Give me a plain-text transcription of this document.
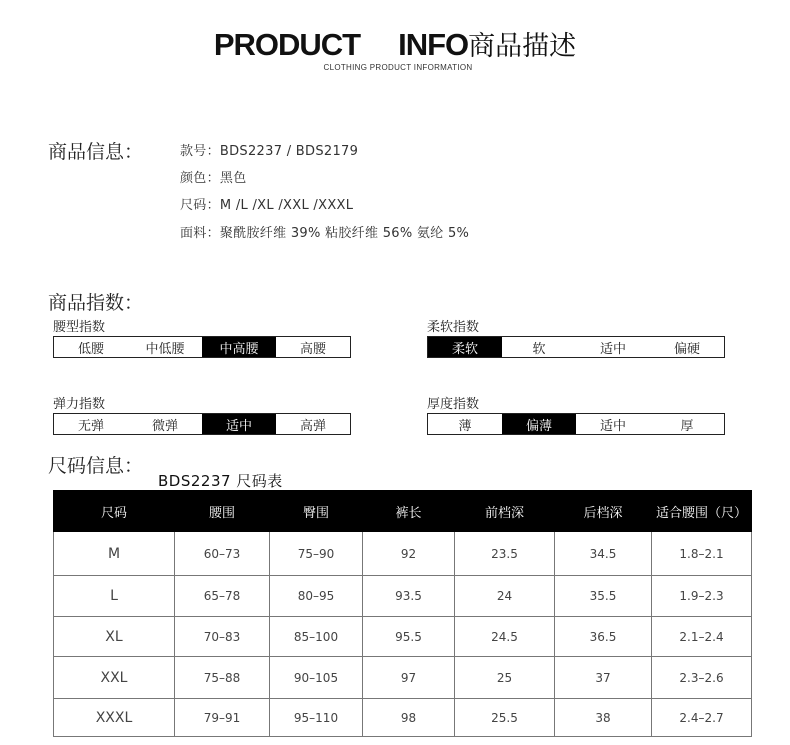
PRODUCT INFO商品描述
CLOTHING PRODUCT INFORMATION
商品信息：	款号：BDS2237 / BDS2179
颜色：黑色
尺码：M /L /XL /XXL /XXXL
面料：聚酰胺纤维 39% 粘胶纤维 56% 氨纶 5%
商品指数：
腰型指数
低腰	中低腰	中高腰	高腰
柔软指数
柔软	软	适中	偏硬
弹力指数
无弹	微弹	适中	高弹
厚度指数
薄	偏薄	适中	厚
尺码信息：
BDS2237 尺码表
尺码	腰围	臀围	裤长	前档深	后档深	适合腰围（尺）
M	60–73	75–90	92	23.5	34.5	1.8–2.1
L	65–78	80–95	93.5	24	35.5	1.9–2.3
XL	70–83	85–100	95.5	24.5	36.5	2.1–2.4
XXL	75–88	90–105	97	25	37	2.3–2.6
XXXL	79–91	95–110	98	25.5	38	2.4–2.7
